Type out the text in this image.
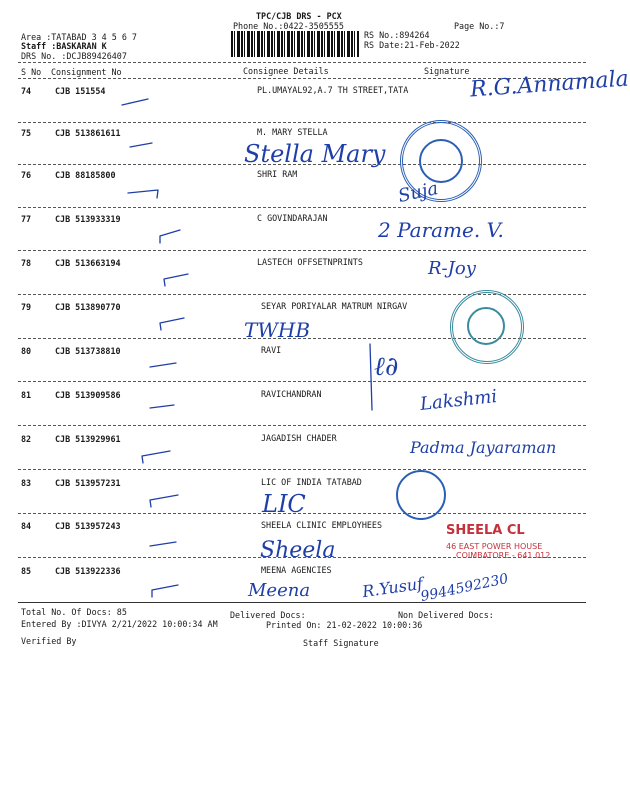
TPC/CJB DRS - PCX
Phone No.:0422-3505555	Page No.:7
Area :TATABAD 3 4 5 6 7
Staff :BASKARAN K
DRS No. :DCJB89426407
RS No.:894264
RS Date:21-Feb-2022
S No Consignment No	Consignee Details	Signature
74	CJB 151554	PL.UMAYAL92,A.7 TH STREET,TATA
75	CJB 513861611	M. MARY STELLA
76	CJB 88185800	SHRI RAM
77	CJB 513933319	C GOVINDARAJAN
78	CJB 513663194	LASTECH OFFSETNPRINTS
79	CJB 513890770	SEYAR PORIYALAR MATRUM NIRGAV
80	CJB 513738810	RAVI
81	CJB 513909586	RAVICHANDRAN
82	CJB 513929961	JAGADISH CHADER
83	CJB 513957231	LIC OF INDIA TATABAD
84	CJB 513957243	SHEELA CLINIC EMPLOYHEES
85	CJB 513922336	MEENA AGENCIES
SHEELA CL
46 EAST POWER HOUSE
COIMBATORE - 641 012
R.G.Annamala
Stella Mary
Suja
2 Parame. V.
R-Joy
TWHB
ℓ∂
Lakshmi
Padma Jayaraman
LIC
Sheela
Meena	R.Yusuf
9944592230
Total No. Of Docs: 85	Delivered Docs:	Non Delivered Docs:
Entered By :DIVYA 2/21/2022 10:00:34 AM	Printed On: 21-02-2022 10:00:36
Verified By	Staff Signature
